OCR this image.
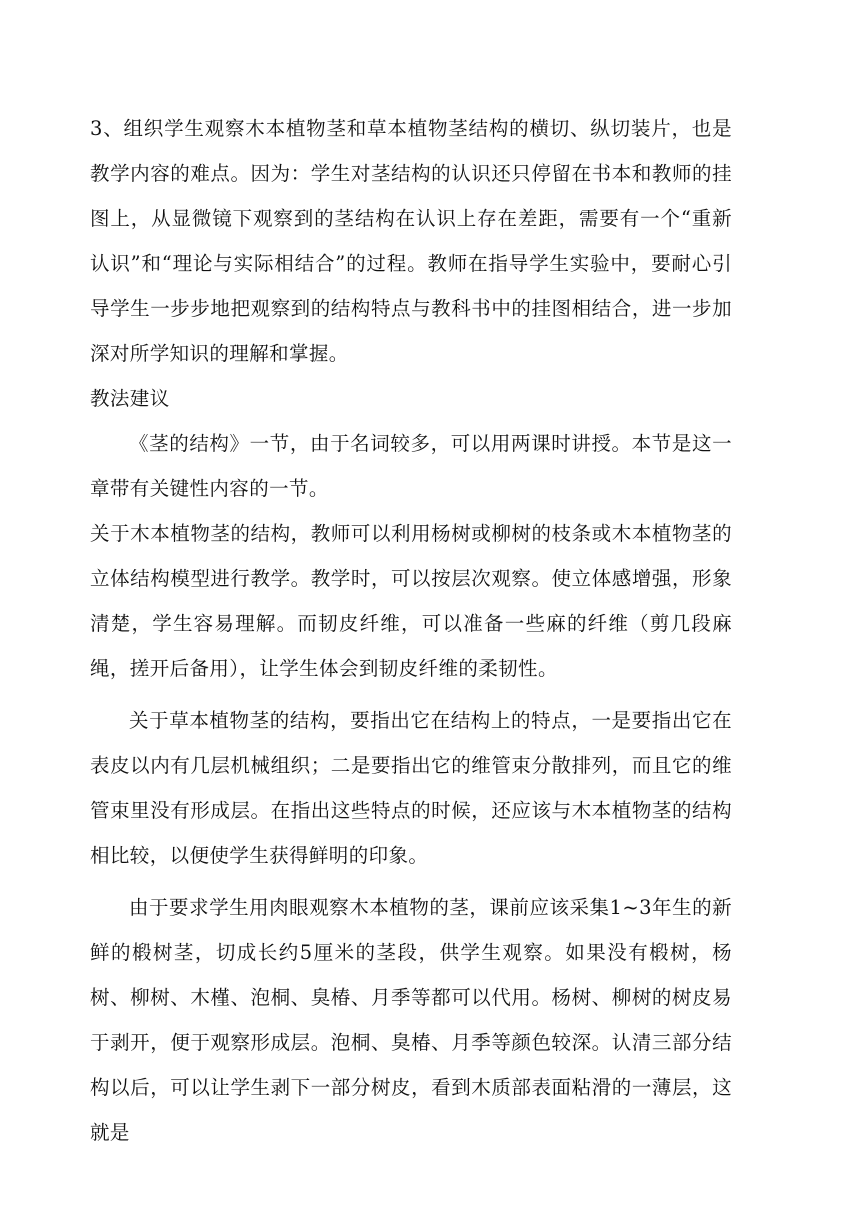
3、组织学生观察木本植物茎和草本植物茎结构的横切、纵切装片，也是教学内容的难点。因为：学生对茎结构的认识还只停留在书本和教师的挂图上，从显微镜下观察到的茎结构在认识上存在差距，需要有一个“重新认识”和“理论与实际相结合”的过程。教师在指导学生实验中，要耐心引导学生一步步地把观察到的结构特点与教科书中的挂图相结合，进一步加深对所学知识的理解和掌握。

教法建议

《茎的结构》一节，由于名词较多，可以用两课时讲授。本节是这一章带有关键性内容的一节。

关于木本植物茎的结构，教师可以利用杨树或柳树的枝条或木本植物茎的立体结构模型进行教学。教学时，可以按层次观察。使立体感增强，形象清楚，学生容易理解。而韧皮纤维，可以准备一些麻的纤维（剪几段麻绳，搓开后备用），让学生体会到韧皮纤维的柔韧性。

关于草本植物茎的结构，要指出它在结构上的特点，一是要指出它在表皮以内有几层机械组织；二是要指出它的维管束分散排列，而且它的维管束里没有形成层。在指出这些特点的时候，还应该与木本植物茎的结构相比较，以便使学生获得鲜明的印象。

由于要求学生用肉眼观察木本植物的茎，课前应该采集1~3年生的新鲜的椴树茎，切成长约5厘米的茎段，供学生观察。如果没有椴树，杨树、柳树、木槿、泡桐、臭椿、月季等都可以代用。杨树、柳树的树皮易于剥开，便于观察形成层。泡桐、臭椿、月季等颜色较深。认清三部分结构以后，可以让学生剥下一部分树皮，看到木质部表面粘滑的一薄层，这就是
